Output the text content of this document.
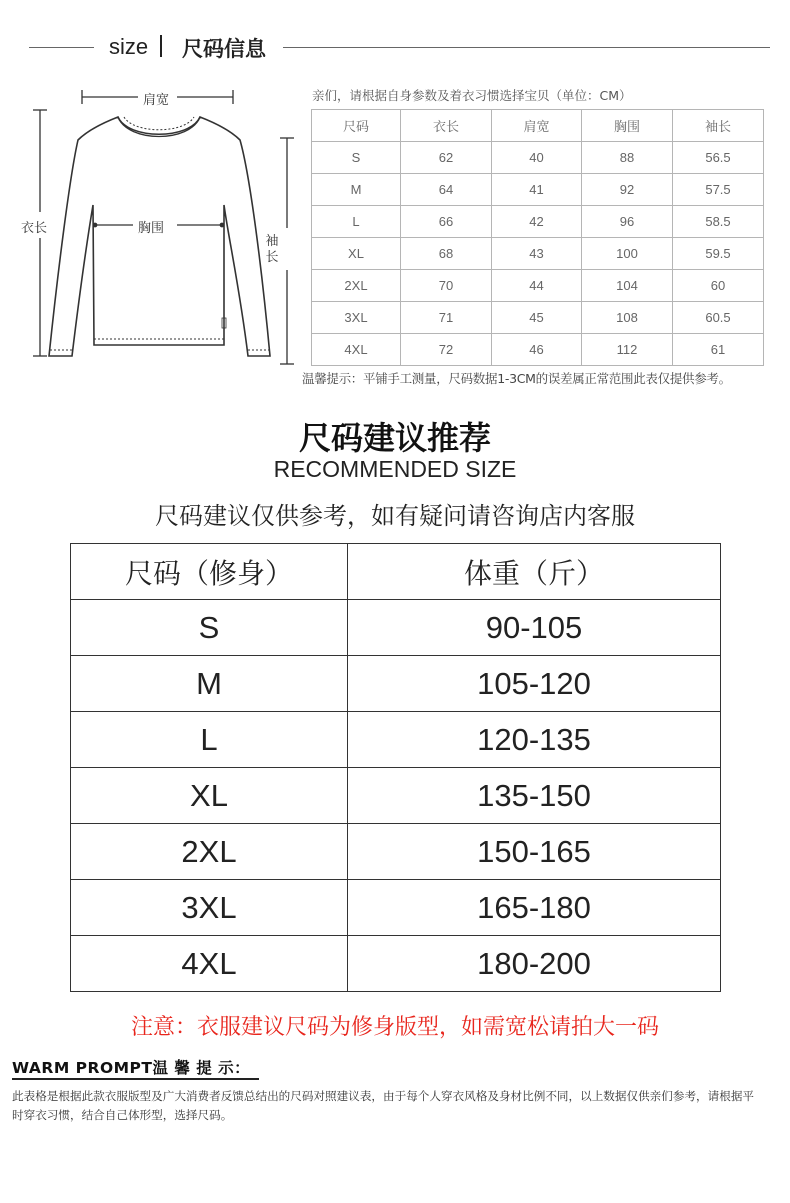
size 尺码信息
肩宽
衣长	胸围
袖
长
亲们，请根据自身参数及着衣习惯选择宝贝（单位：CM）
尺码	衣长	肩宽	胸围	袖长
S	62	40	88	56.5
M	64	41	92	57.5
L	66	42	96	58.5
XL	68	43	100	59.5
2XL	70	44	104	60
3XL	71	45	108	60.5
4XL	72	46	112	61
温馨提示：平铺手工测量，尺码数据1-3CM的误差属正常范围此表仅提供参考。
尺码建议推荐
RECOMMENDED SIZE
尺码建议仅供参考，如有疑问请咨询店内客服
尺码（修身）	体重（斤）
S	90-105
M	105-120
L	120-135
XL	135-150
2XL	150-165
3XL	165-180
4XL	180-200
注意：衣服建议尺码为修身版型，如需宽松请拍大一码
WARM PROMPT温 馨 提 示：
此表格是根据此款衣服版型及广大消费者反馈总结出的尺码对照建议表，由于每个人穿衣风格及身材比例不同，以上数据仅供亲们参考，请根据平时穿衣习惯，结合自己体形型，选择尺码。
